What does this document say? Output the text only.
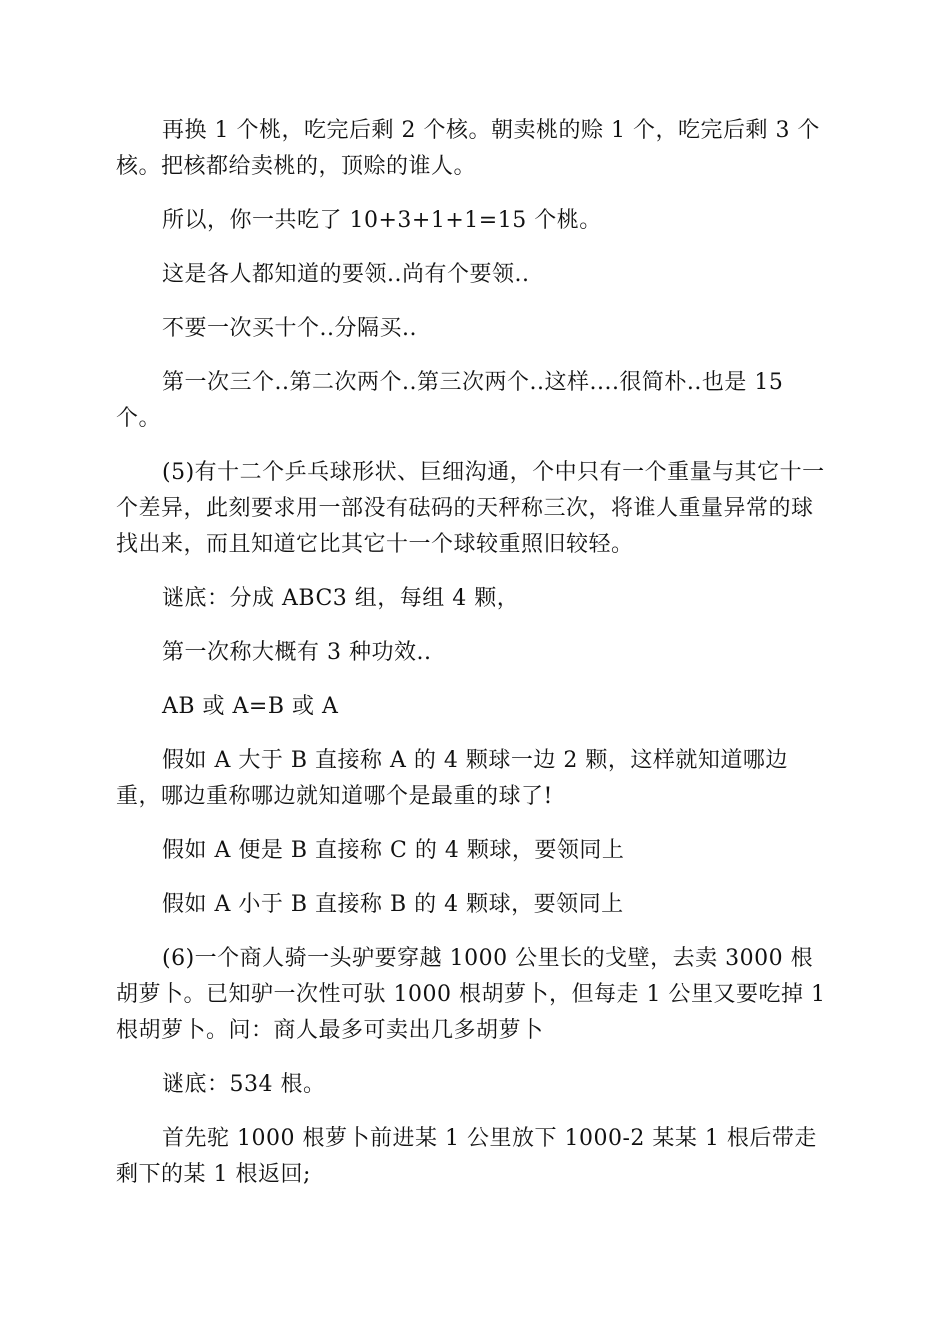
再换 1 个桃，吃完后剩 2 个核。朝卖桃的赊 1 个，吃完后剩 3 个核。把核都给卖桃的，顶赊的谁人。

所以，你一共吃了 10+3+1+1=15 个桃。

这是各人都知道的要领..尚有个要领..

不要一次买十个..分隔买..

第一次三个..第二次两个..第三次两个..这样....很简朴..也是 15 个。

(5)有十二个乒乓球形状、巨细沟通，个中只有一个重量与其它十一个差异，此刻要求用一部没有砝码的天秤称三次，将谁人重量异常的球找出来，而且知道它比其它十一个球较重照旧较轻。

谜底：分成 ABC3 组，每组 4 颗，

第一次称大概有 3 种功效..

AB 或 A=B 或 A

假如 A 大于 B 直接称 A 的 4 颗球一边 2 颗，这样就知道哪边重，哪边重称哪边就知道哪个是最重的球了!

假如 A 便是 B 直接称 C 的 4 颗球，要领同上

假如 A 小于 B 直接称 B 的 4 颗球，要领同上

(6)一个商人骑一头驴要穿越 1000 公里长的戈壁，去卖 3000 根胡萝卜。已知驴一次性可驮 1000 根胡萝卜，但每走 1 公里又要吃掉 1 根胡萝卜。问：商人最多可卖出几多胡萝卜

谜底：534 根。

首先驼 1000 根萝卜前进某 1 公里放下 1000-2 某某 1 根后带走剩下的某 1 根返回;
